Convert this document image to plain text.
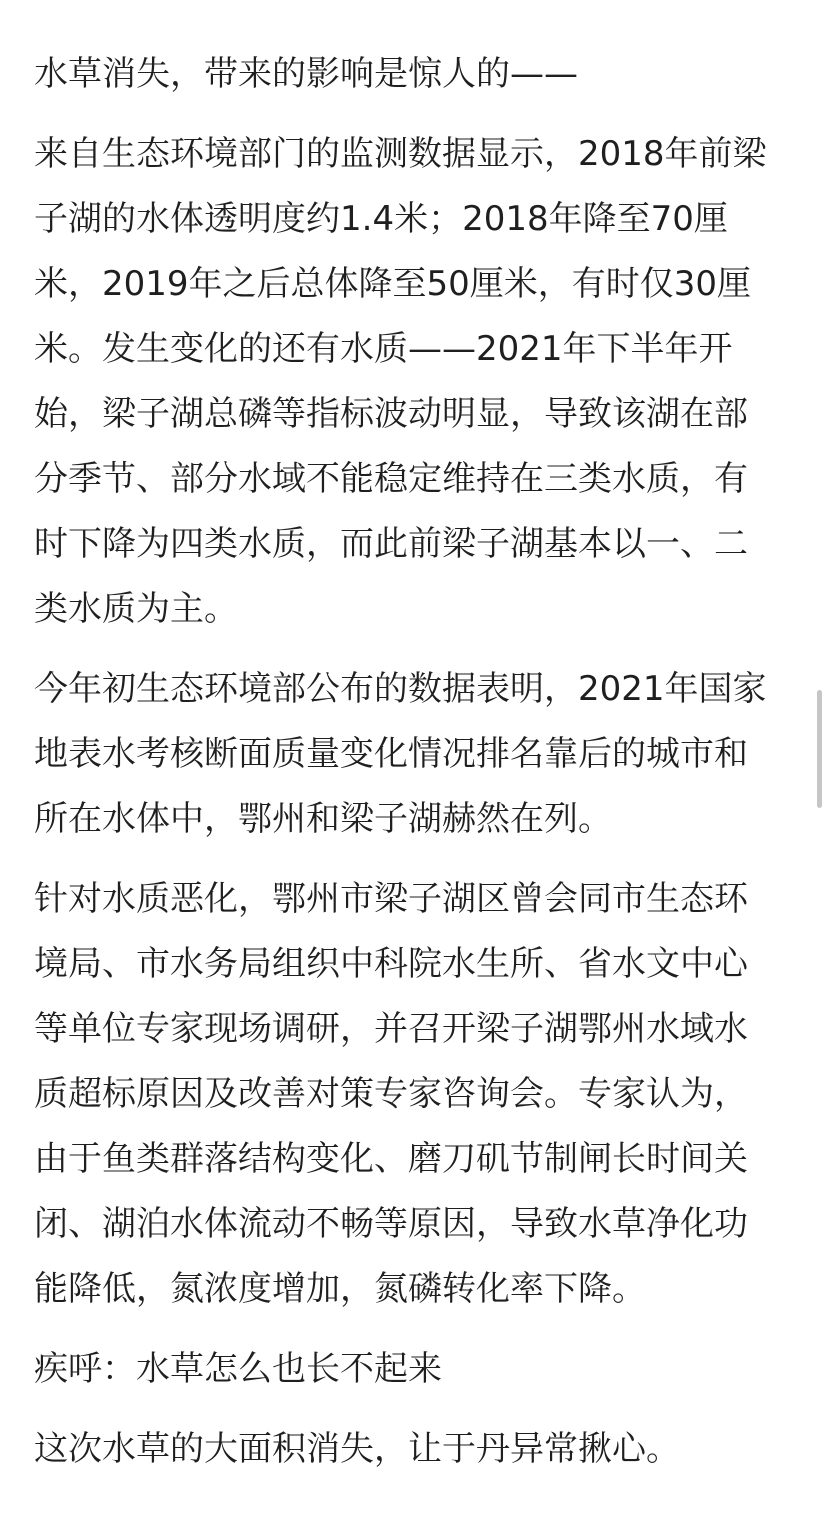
水草消失，带来的影响是惊人的——
来自生态环境部门的监测数据显示，2018年前梁
子湖的水体透明度约1.4米；2018年降至70厘
米，2019年之后总体降至50厘米，有时仅30厘
米。发生变化的还有水质——2021年下半年开
始，梁子湖总磷等指标波动明显，导致该湖在部
分季节、部分水域不能稳定维持在三类水质，有
时下降为四类水质，而此前梁子湖基本以一、二
类水质为主。
今年初生态环境部公布的数据表明，2021年国家
地表水考核断面质量变化情况排名靠后的城市和
所在水体中，鄂州和梁子湖赫然在列。
针对水质恶化，鄂州市梁子湖区曾会同市生态环
境局、市水务局组织中科院水生所、省水文中心
等单位专家现场调研，并召开梁子湖鄂州水域水
质超标原因及改善对策专家咨询会。专家认为，
由于鱼类群落结构变化、磨刀矶节制闸长时间关
闭、湖泊水体流动不畅等原因，导致水草净化功
能降低，氮浓度增加，氮磷转化率下降。
疾呼：水草怎么也长不起来
这次水草的大面积消失，让于丹异常揪心。
